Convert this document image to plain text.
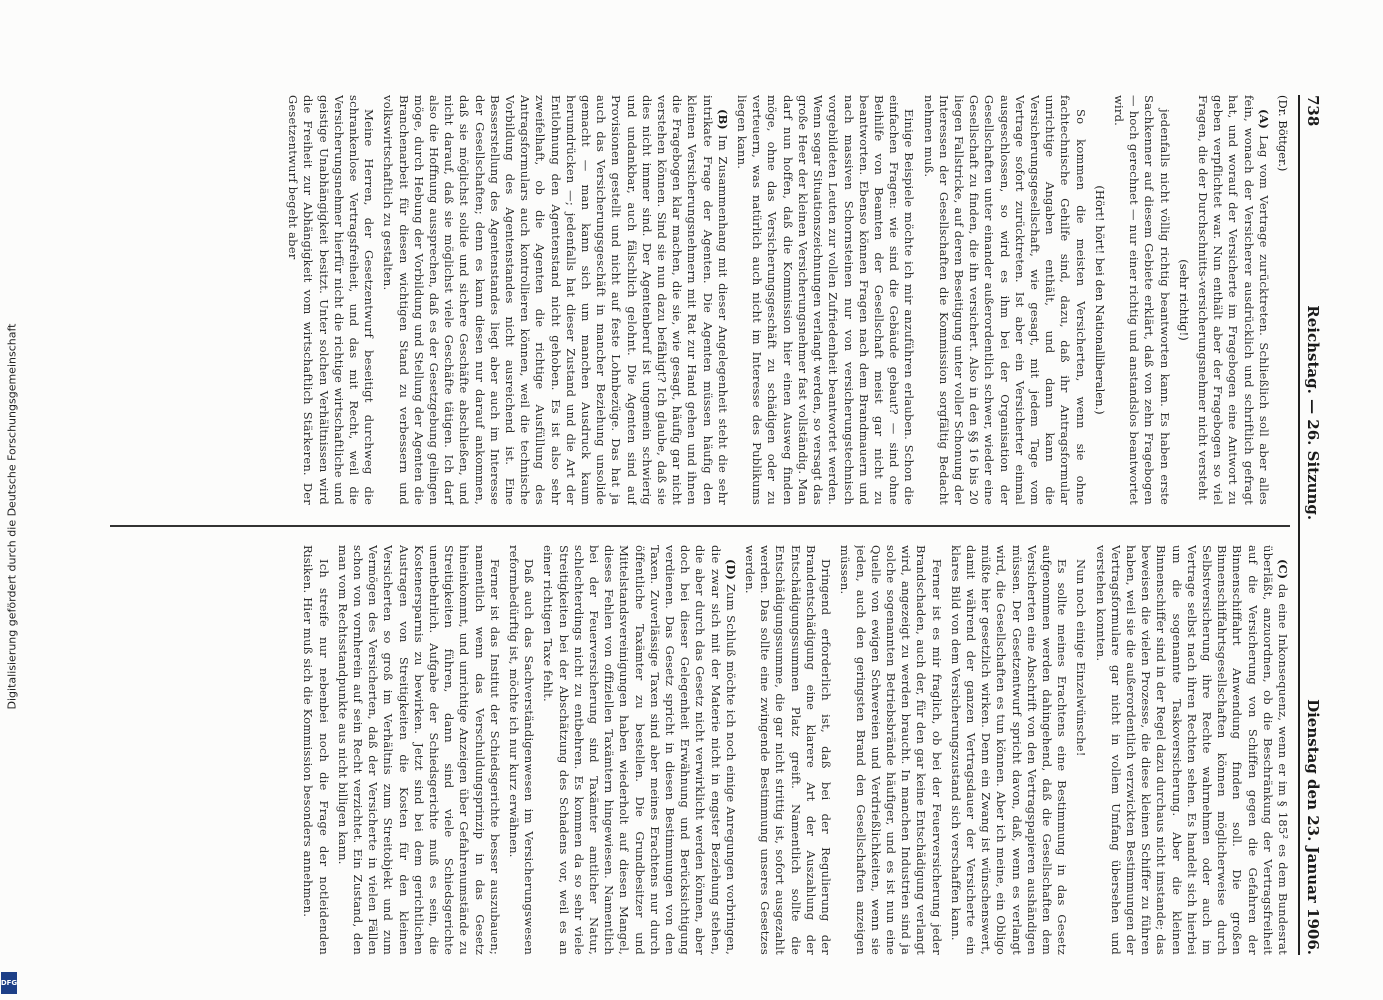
Digitalisierung gefördert durch die Deutsche Forschungsgemeinschaft
DFG
738
Reichstag. — 26. Sitzung.
Dienstag den 23. Januar 1906.

(Dr. Böttger.)

(A) Lag vom Vertrage zurücktreten. Schließlich soll aber alles fein, wonach der Versicherer ausdrücklich und schriftlich gefragt hat, und worauf der Versicherte im Fragebogen eine Antwort zu geben verpflichtet war. Nun enthält aber der Fragebogen so viel Fragen, die der Durchschnitts-versicherungsnehmer nicht versteht

(sehr richtig!)

jedenfalls nicht völlig richtig beantworten kann. Es haben erste Sachkenner auf diesem Gebiete erklärt, daß von zehn Fragebogen — hoch gerechnet — nur einer richtig und anstandslos beantwortet wird.

(Hört! hört! bei den Nationalliberalen.)

So kommen die meisten Versicherten, wenn sie ohne fachtechnische Gehilfe sind, dazu, daß ihr Antragsformular unrichtige Angaben enthält, und dann kann die Versicherungsgesellschaft, wie gesagt, mit jedem Tage vom Vertrage sofort zurücktreten. Ist aber ein Versicherter einmal ausgeschlossen, so wird es ihm bei der Organisation der Gesellschaften unter einander außerordentlich schwer, wieder eine Gesellschaft zu finden, die ihn versichert. Also in den §§ 16 bis 20 liegen Fallstricke, auf deren Beseitigung unter voller Schonung der Interessen der Gesellschaften die Kommission sorgfältig Bedacht nehmen muß.

Einige Beispiele möchte ich mir anzuführen erlauben. Schon die einfachen Fragen: wie sind die Gebäude gebaut? — sind ohne Beihilfe von Beamten der Gesellschaft meist gar nicht zu beantworten. Ebenso können Fragen nach dem Brandmauern und nach massiven Schornsteinen nur von versicherungstechnisch vorgebildeten Leuten zur vollen Zufriedenheit beantwortet werden. Wenn sogar Situationszeichnungen verlangt werden, so versagt das große Heer der kleinen Versicherungsnehmer fast vollständig. Man darf nun hoffen, daß die Kommission hier einen Ausweg finden möge, ohne das Versicherungsgeschäft zu schädigen oder zu verteuern, was natürlich auch nicht im Interesse des Publikums liegen kann.

(B) Im Zusammenhang mit dieser Angelegenheit steht die sehr intrikate Frage der Agenten. Die Agenten müssen häufig den kleinen Versicherungsnehmern mit Rat zur Hand gehen und ihnen die Fragebogen klar machen, die sie, wie gesagt, häufig gar nicht verstehen können. Sind sie nun dazu befähigt? Ich glaube, daß sie dies nicht immer sind. Der Agentenberuf ist ungemein schwierig und undankbar, auch fälschlich gelohnt. Die Agenten sind auf Provisionen gestellt und nicht auf feste Lohnbezüge. Das hat ja auch das Versicherungsgeschäft in mancher Beziehung unsolide gemacht — man kann sich um manchen Ausdruck kaum herumdrücken —; jedenfalls hat dieser Zustand und die Art der Entlohnung den Agentenstand nicht gehoben. Es ist also sehr zweifelhaft, ob die Agenten die richtige Ausfüllung des Antragsformulars auch kontrollieren können, weil die technische Vorbildung des Agentenstandes nicht ausreichend ist. Eine Besserstellung des Agentenstandes liegt aber auch im Interesse der Gesellschaften; denn es kann diesen nur darauf ankommen, daß sie möglichst solide und sichere Geschäfte abschließen, und nicht darauf, daß sie möglichst viele Geschäfte tätigen. Ich darf also die Hoffnung aussprechen, daß es der Gesetzgebung gelingen möge, durch Hebung der Vorbildung und Stellung der Agenten die Branchenarbeit für diesen wichtigen Stand zu verbessern und volkswirtschaftlich zu gestalten.

Meine Herren, der Gesetzentwurf beseitigt durchweg die schrankenlose Vertragsfreiheit, und das mit Recht, weil die Versicherungsnehmer hierfür nicht die richtige wirtschaftliche und geistige Unabhängigkeit besitzt. Unter solchen Verhältnissen wird die Freiheit zur Abhängigkeit vom wirtschaftlich Stärkeren. Der Gesetzentwurf begeht aber

(C) da eine Inkonsequenz, wenn er im § 185² es dem Bundesrat überläßt, anzuordnen, ob die Beschränkung der Vertragsfreiheit auf die Versicherung von Schiffen gegen die Gefahren der Binnenschiffahrt Anwendung finden soll. Die großen Binnenschiffahrtsgesellschaften können möglicherweise durch Selbstversicherung ihre Rechte wahrnehmen oder auch im Vertrage selbst nach ihren Rechten sehen. Es handelt sich hierbei um die sogenannte Taskoversicherung. Aber die kleinen Binnenschiffer sind in der Regel dazu durchaus nicht imstande; das beweisen die vielen Prozesse, die diese kleinen Schiffer zu führen haben, weil sie die außerordentlich verzwickten Bestimmungen der Vertragsformulare gar nicht in vollem Umfang übersehen und verstehen konnten.

Nun noch einige Einzelwünsche!

Es sollte meines Erachtens eine Bestimmung in das Gesetz aufgenommen werden dahingehend, daß die Gesellschaften dem Versicherten eine Abschrift von den Vertragspapieren aushändigen müssen. Der Gesetzentwurf spricht davon, daß, wenn es verlangt wird, die Gesellschaften es tun können. Aber ich meine, ein Obligo müßte hier gesetzlich wirken. Denn ein Zwang ist wünschenswert, damit während der ganzen Vertragsdauer der Versicherte ein klares Bild von dem Versicherungszustand sich verschaffen kann.

Ferner ist es mir fraglich, ob bei der Feuerversicherung jeder Brandschaden, auch der, für den gar keine Entschädigung verlangt wird, angezeigt zu werden braucht. In manchen Industrien sind ja solche sogenannten Betriebsbrände häufiger, und es ist nun eine Quelle von ewigen Schwereien und Verdrießlichkeiten, wenn sie jeden, auch den geringsten Brand den Gesellschaften anzeigen müssen.

Dringend erforderlich ist, daß bei der Regulierung der Brandentschädigung eine klarere Art der Auszahlung der Entschädigungssummen Platz greift. Namentlich sollte die Entschädigungssumme, die gar nicht strittig ist, sofort ausgezahlt werden. Das sollte eine zwingende Bestimmung unseres Gesetzes werden.

(D) Zum Schluß möchte ich noch einige Anregungen vorbringen, die zwar sich mit der Materie nicht in engster Beziehung stehen, die aber durch das Gesetz nicht verwirklicht werden können, aber doch bei dieser Gelegenheit Erwähnung und Berücksichtigung verdienen. Das Gesetz spricht in diesen Bestimmungen von den Taxen. Zuverlässige Taxen sind aber meines Erachtens nur durch öffentliche Taxämter zu bestellen. Die Grundbesitzer und Mittelstandsvereinigungen haben wiederholt auf diesen Mangel, dieses Fehlen von offiziellen Taxämtern hingewiesen. Namentlich bei der Feuerversicherung sind Taxämter amtlicher Natur, schlechterdings nicht zu entbehren. Es kommen da so sehr viele Streitigkeiten bei der Abschätzung des Schadens vor, weil es an einer richtigen Taxe fehlt.

Daß auch das Sachverständigenwesen im Versicherungswesen reformbedürftig ist, möchte ich nur kurz erwähnen.

Ferner ist das Institut der Schiedsgerichte besser auszubauen; namentlich wenn das Verschuldungsprinzip in das Gesetz hineinkommt, und unrichtige Anzeigen über Gefahrenumstände zu Streitigkeiten führen, dann sind viele Schiedsgerichte unentbehrlich. Aufgabe der Schiedsgerichte muß es sein, die Kostenersparnis zu bewirken. Jetzt sind bei dem gerichtlichen Austragen von Streitigkeiten die Kosten für den kleinen Versicherten so groß im Verhältnis zum Streitobjekt und zum Vermögen des Versicherten, daß der Versicherte in vielen Fällen schon von vornherein auf sein Recht verzichtet. Ein Zustand, den man vom Rechtsstandpunkte aus nicht billigen kann.

Ich streife nur nebenbei noch die Frage der notleidenden Risiken. Hier muß sich die Kommission besonders annehmen.
